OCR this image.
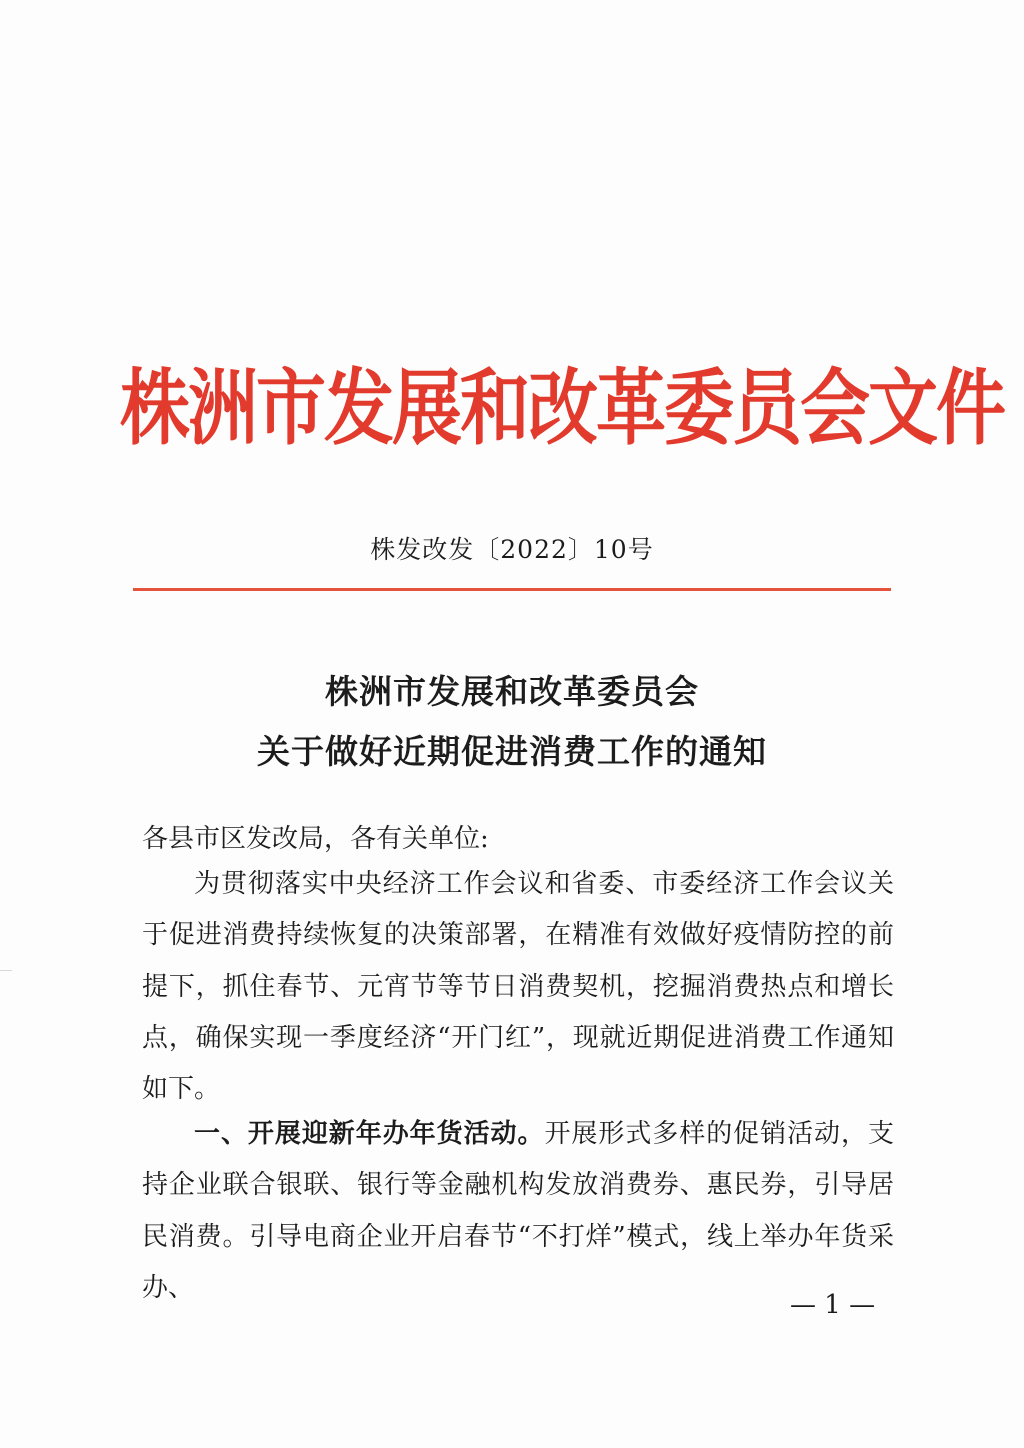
株洲市发展和改革委员会文件
株发改发〔2022〕10号
株洲市发展和改革委员会
关于做好近期促进消费工作的通知
各县市区发改局，各有关单位:
为贯彻落实中央经济工作会议和省委、市委经济工作会议关于促进消费持续恢复的决策部署，在精准有效做好疫情防控的前提下，抓住春节、元宵节等节日消费契机，挖掘消费热点和增长点，确保实现一季度经济“开门红”，现就近期促进消费工作通知如下。
一、开展迎新年办年货活动。开展形式多样的促销活动，支持企业联合银联、银行等金融机构发放消费券、惠民券，引导居民消费。引导电商企业开启春节“不打烊”模式，线上举办年货采办、
— 1 —
